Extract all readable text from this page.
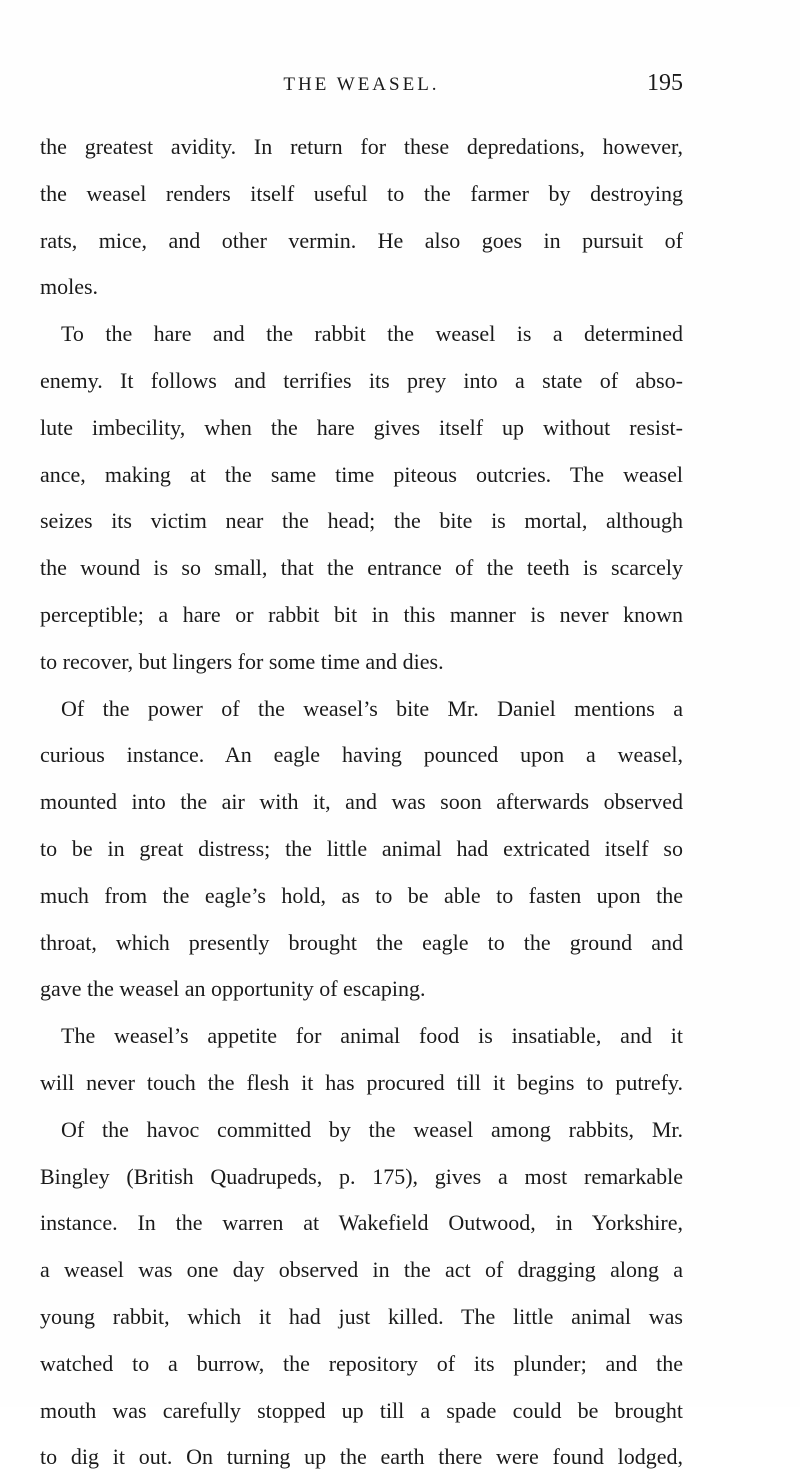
THE WEASEL.	195
the greatest avidity. In return for these depredations, however,
the weasel renders itself useful to the farmer by destroying
rats, mice, and other vermin. He also goes in pursuit of
moles.
To the hare and the rabbit the weasel is a determined
enemy. It follows and terrifies its prey into a state of abso-
lute imbecility, when the hare gives itself up without resist-
ance, making at the same time piteous outcries. The weasel
seizes its victim near the head; the bite is mortal, although
the wound is so small, that the entrance of the teeth is scarcely
perceptible; a hare or rabbit bit in this manner is never known
to recover, but lingers for some time and dies.
Of the power of the weasel’s bite Mr. Daniel mentions a
curious instance. An eagle having pounced upon a weasel,
mounted into the air with it, and was soon afterwards observed
to be in great distress; the little animal had extricated itself so
much from the eagle’s hold, as to be able to fasten upon the
throat, which presently brought the eagle to the ground and
gave the weasel an opportunity of escaping.
The weasel’s appetite for animal food is insatiable, and it
will never touch the flesh it has procured till it begins to putrefy.
Of the havoc committed by the weasel among rabbits, Mr.
Bingley (British Quadrupeds, p. 175), gives a most remarkable
instance. In the warren at Wakefield Outwood, in Yorkshire,
a weasel was one day observed in the act of dragging along a
young rabbit, which it had just killed. The little animal was
watched to a burrow, the repository of its plunder; and the
mouth was carefully stopped up till a spade could be brought
to dig it out. On turning up the earth there were found lodged,
